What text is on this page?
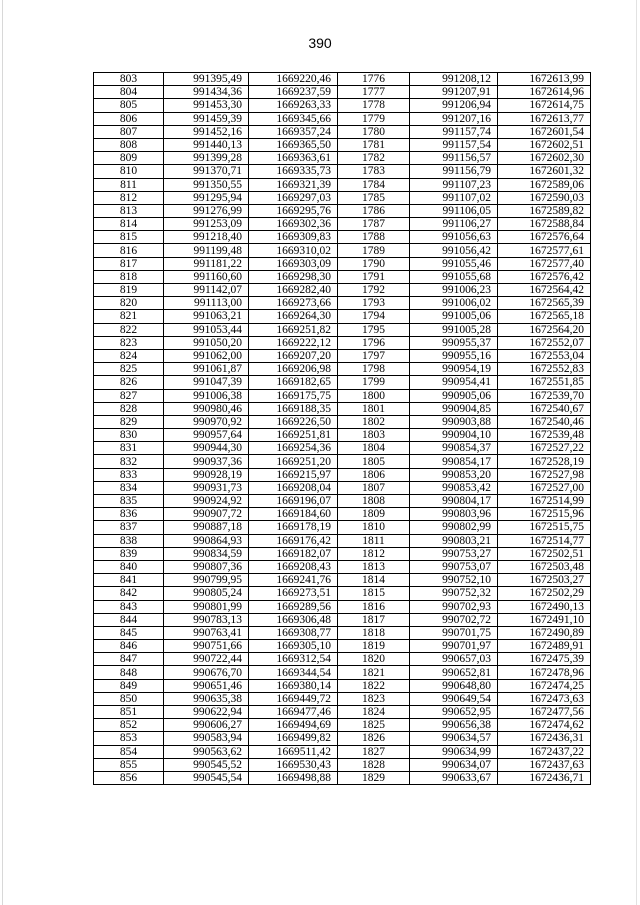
390
803	991395,49	1669220,46	1776	991208,12	1672613,99
804	991434,36	1669237,59	1777	991207,91	1672614,96
805	991453,30	1669263,33	1778	991206,94	1672614,75
806	991459,39	1669345,66	1779	991207,16	1672613,77
807	991452,16	1669357,24	1780	991157,74	1672601,54
808	991440,13	1669365,50	1781	991157,54	1672602,51
809	991399,28	1669363,61	1782	991156,57	1672602,30
810	991370,71	1669335,73	1783	991156,79	1672601,32
811	991350,55	1669321,39	1784	991107,23	1672589,06
812	991295,94	1669297,03	1785	991107,02	1672590,03
813	991276,99	1669295,76	1786	991106,05	1672589,82
814	991253,09	1669302,36	1787	991106,27	1672588,84
815	991218,40	1669309,83	1788	991056,63	1672576,64
816	991199,48	1669310,02	1789	991056,42	1672577,61
817	991181,22	1669303,09	1790	991055,46	1672577,40
818	991160,60	1669298,30	1791	991055,68	1672576,42
819	991142,07	1669282,40	1792	991006,23	1672564,42
820	991113,00	1669273,66	1793	991006,02	1672565,39
821	991063,21	1669264,30	1794	991005,06	1672565,18
822	991053,44	1669251,82	1795	991005,28	1672564,20
823	991050,20	1669222,12	1796	990955,37	1672552,07
824	991062,00	1669207,20	1797	990955,16	1672553,04
825	991061,87	1669206,98	1798	990954,19	1672552,83
826	991047,39	1669182,65	1799	990954,41	1672551,85
827	991006,38	1669175,75	1800	990905,06	1672539,70
828	990980,46	1669188,35	1801	990904,85	1672540,67
829	990970,92	1669226,50	1802	990903,88	1672540,46
830	990957,64	1669251,81	1803	990904,10	1672539,48
831	990944,30	1669254,36	1804	990854,37	1672527,22
832	990937,36	1669251,20	1805	990854,17	1672528,19
833	990928,19	1669215,97	1806	990853,20	1672527,98
834	990931,73	1669208,04	1807	990853,42	1672527,00
835	990924,92	1669196,07	1808	990804,17	1672514,99
836	990907,72	1669184,60	1809	990803,96	1672515,96
837	990887,18	1669178,19	1810	990802,99	1672515,75
838	990864,93	1669176,42	1811	990803,21	1672514,77
839	990834,59	1669182,07	1812	990753,27	1672502,51
840	990807,36	1669208,43	1813	990753,07	1672503,48
841	990799,95	1669241,76	1814	990752,10	1672503,27
842	990805,24	1669273,51	1815	990752,32	1672502,29
843	990801,99	1669289,56	1816	990702,93	1672490,13
844	990783,13	1669306,48	1817	990702,72	1672491,10
845	990763,41	1669308,77	1818	990701,75	1672490,89
846	990751,66	1669305,10	1819	990701,97	1672489,91
847	990722,44	1669312,54	1820	990657,03	1672475,39
848	990676,70	1669344,54	1821	990652,81	1672478,96
849	990651,46	1669380,14	1822	990648,80	1672474,25
850	990635,38	1669449,72	1823	990649,54	1672473,63
851	990622,94	1669477,46	1824	990652,95	1672477,56
852	990606,27	1669494,69	1825	990656,38	1672474,62
853	990583,94	1669499,82	1826	990634,57	1672436,31
854	990563,62	1669511,42	1827	990634,99	1672437,22
855	990545,52	1669530,43	1828	990634,07	1672437,63
856	990545,54	1669498,88	1829	990633,67	1672436,71
